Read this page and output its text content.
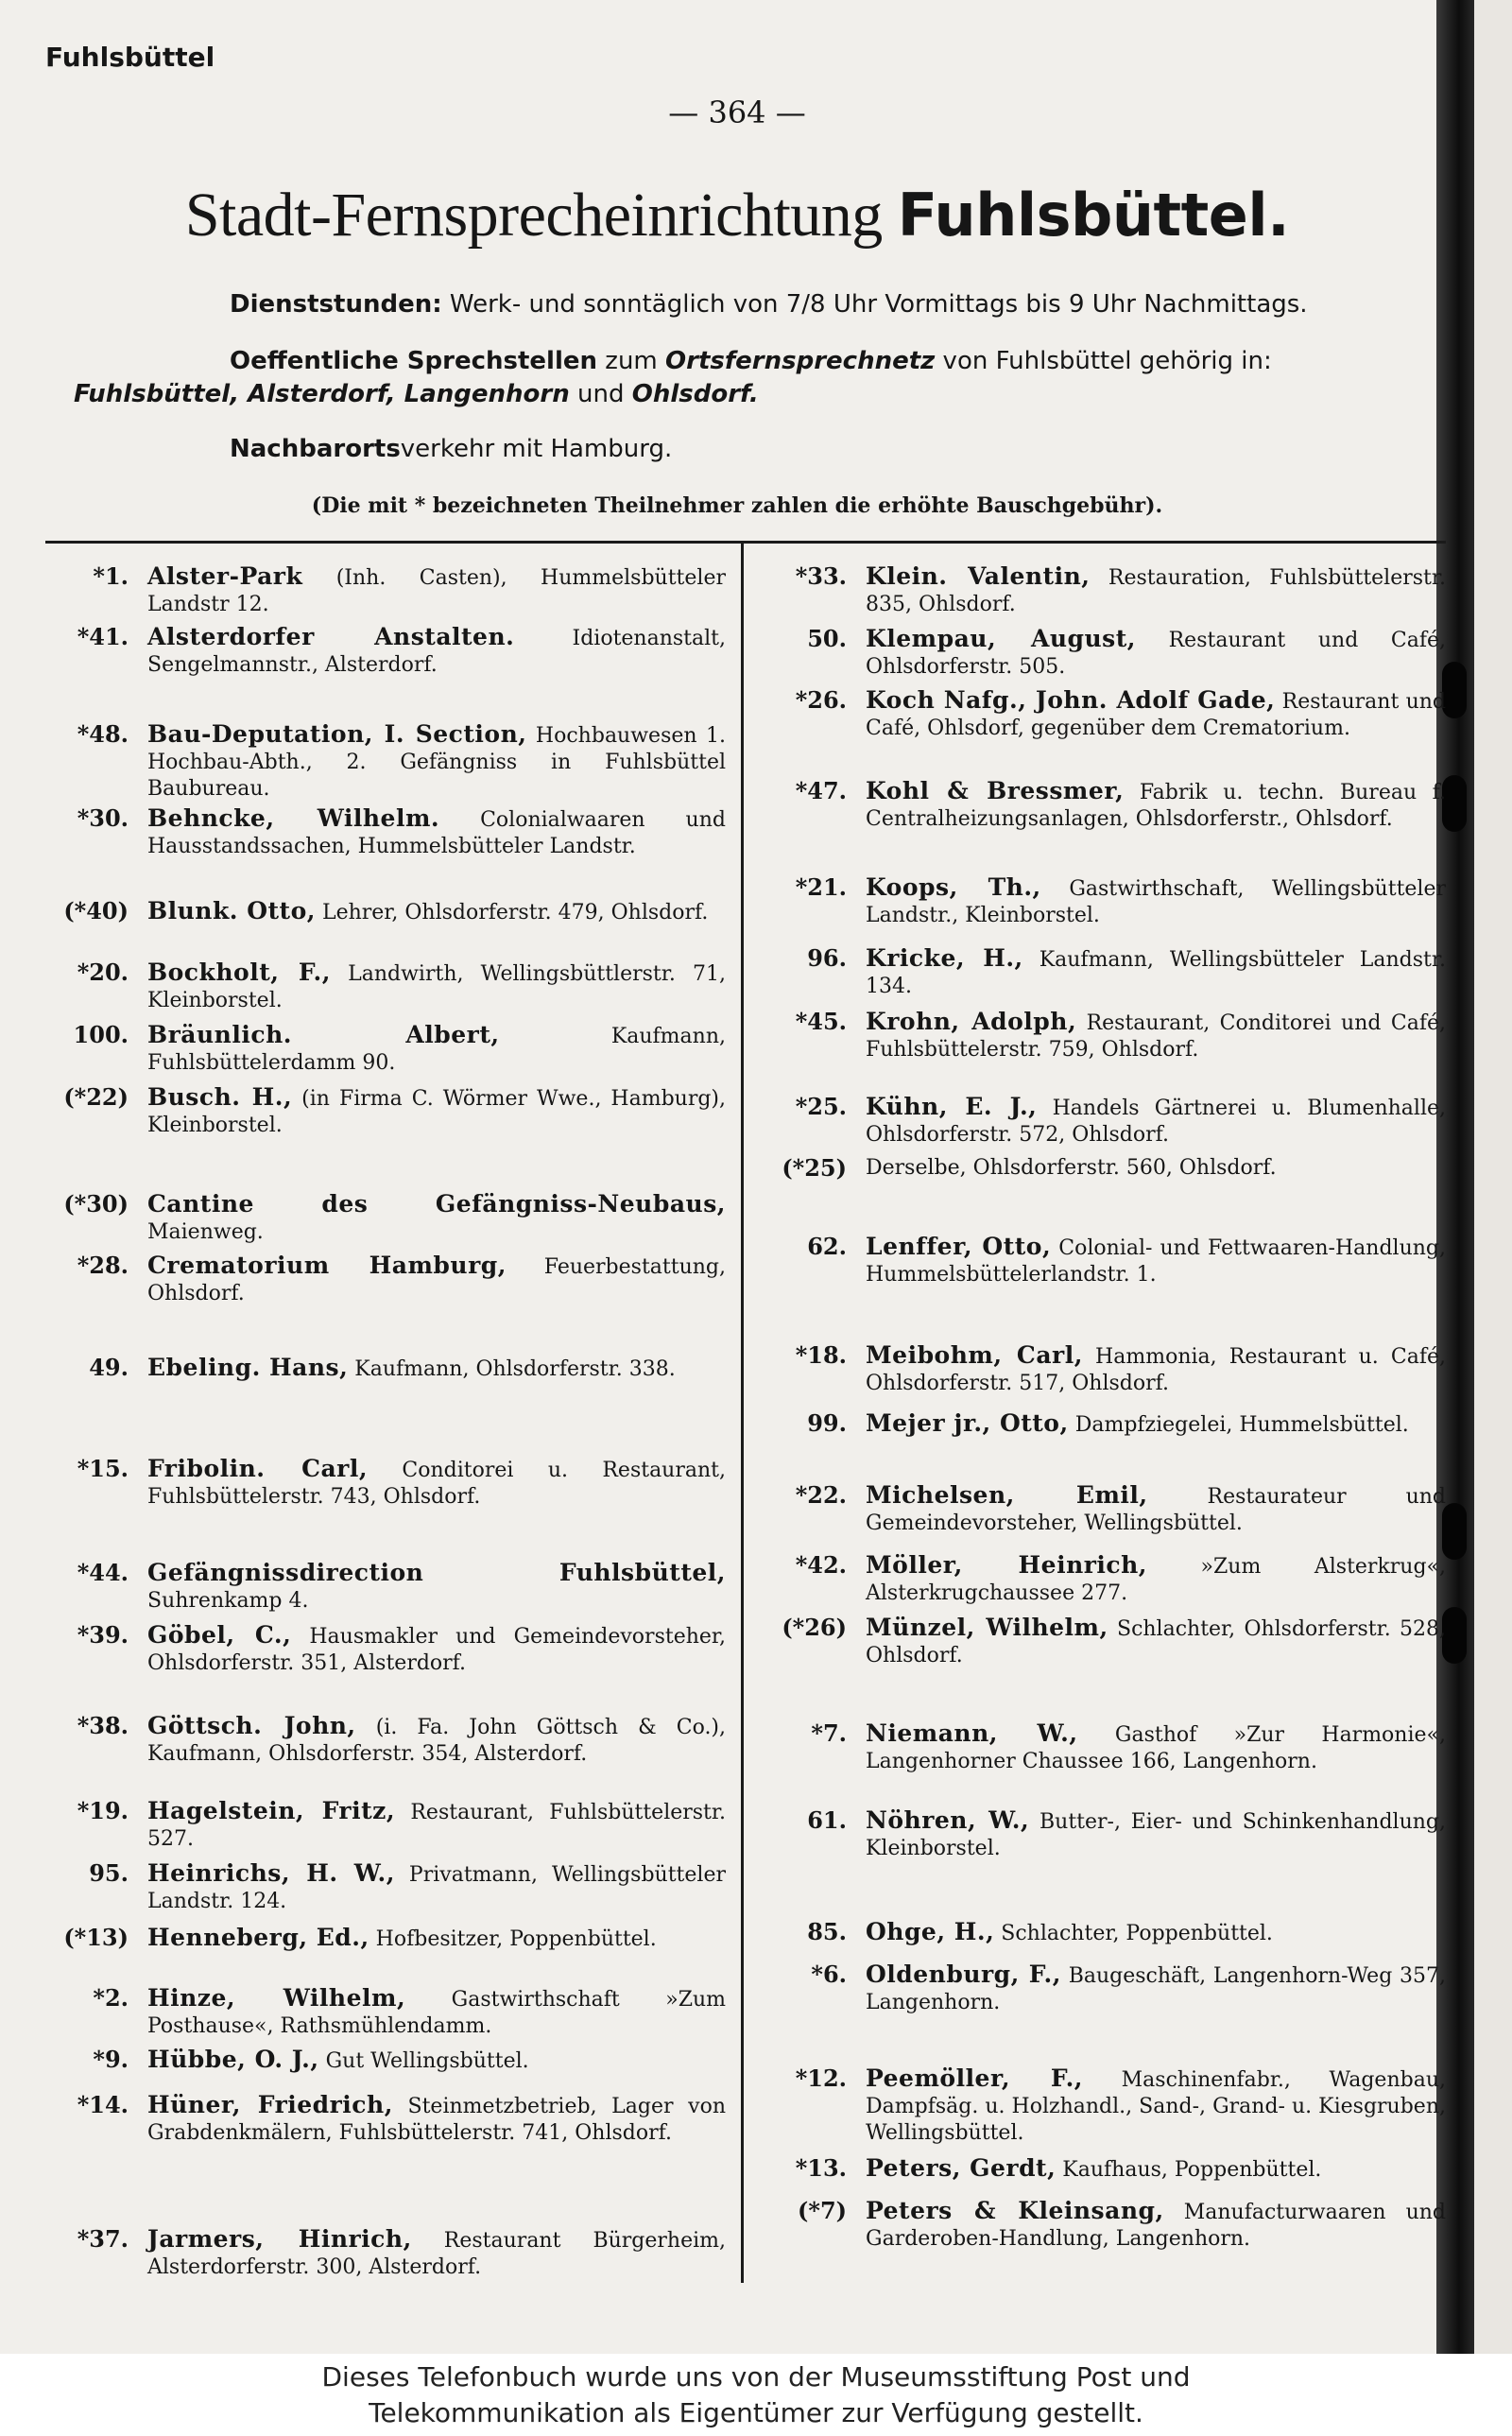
Fuhlsbüttel
— 364 —
Stadt-Fernsprecheinrichtung Fuhlsbüttel.
Dienststunden: Werk- und sonntäglich von 7/8 Uhr Vormittags bis 9 Uhr Nachmittags.
Oeffentliche Sprechstellen zum Ortsfernsprechnetz von Fuhlsbüttel gehörig in:
Fuhlsbüttel, Alsterdorf, Langenhorn und Ohlsdorf.
Nachbarortsverkehr mit Hamburg.
(Die mit * bezeichneten Theilnehmer zahlen die erhöhte Bauschgebühr).
*1. Alster-Park (Inh. Casten), Hummelsbütteler Landstr 12.
*41. Alsterdorfer Anstalten. Idiotenanstalt, Sengelmannstr., Alsterdorf.
*48. Bau-Deputation, I. Section, Hochbauwesen 1. Hochbau-Abth., 2. Gefängniss in Fuhlsbüttel Baubureau.
*30. Behncke, Wilhelm. Colonialwaaren und Hausstandssachen, Hummelsbütteler Landstr.
(*40) Blunk. Otto, Lehrer, Ohlsdorferstr. 479, Ohlsdorf.
*20. Bockholt, F., Landwirth, Wellingsbüttlerstr. 71, Kleinborstel.
100. Bräunlich. Albert, Kaufmann, Fuhlsbüttelerdamm 90.
(*22) Busch. H., (in Firma C. Wörmer Wwe., Hamburg), Kleinborstel.
(*30) Cantine des Gefängniss-Neubaus, Maienweg.
*28. Crematorium Hamburg, Feuerbestattung, Ohlsdorf.
49. Ebeling. Hans, Kaufmann, Ohlsdorferstr. 338.
*15. Fribolin. Carl, Conditorei u. Restaurant, Fuhlsbüttelerstr. 743, Ohlsdorf.
*44. Gefängnissdirection Fuhlsbüttel, Suhrenkamp 4.
*39. Göbel, C., Hausmakler und Gemeindevorsteher, Ohlsdorferstr. 351, Alsterdorf.
*38. Göttsch. John, (i. Fa. John Göttsch & Co.), Kaufmann, Ohlsdorferstr. 354, Alsterdorf.
*19. Hagelstein, Fritz, Restaurant, Fuhlsbüttelerstr. 527.
95. Heinrichs, H. W., Privatmann, Wellingsbütteler Landstr. 124.
(*13) Henneberg, Ed., Hofbesitzer, Poppenbüttel.
*2. Hinze, Wilhelm, Gastwirthschaft »Zum Posthause«, Rathsmühlendamm.
*9. Hübbe, O. J., Gut Wellingsbüttel.
*14. Hüner, Friedrich, Steinmetzbetrieb, Lager von Grabdenkmälern, Fuhlsbüttelerstr. 741, Ohlsdorf.
*37. Jarmers, Hinrich, Restaurant Bürgerheim, Alsterdorferstr. 300, Alsterdorf.
*33. Klein. Valentin, Restauration, Fuhlsbüttelerstr. 835, Ohlsdorf.
50. Klempau, August, Restaurant und Café, Ohlsdorferstr. 505.
*26. Koch Nafg., John. Adolf Gade, Restaurant und Café, Ohlsdorf, gegenüber dem Crematorium.
*47. Kohl & Bressmer, Fabrik u. techn. Bureau f. Centralheizungsanlagen, Ohlsdorferstr., Ohlsdorf.
*21. Koops, Th., Gastwirthschaft, Wellingsbütteler Landstr., Kleinborstel.
96. Kricke, H., Kaufmann, Wellingsbütteler Landstr. 134.
*45. Krohn, Adolph, Restaurant, Conditorei und Café, Fuhlsbüttelerstr. 759, Ohlsdorf.
*25. Kühn, E. J., Handels Gärtnerei u. Blumenhalle, Ohlsdorferstr. 572, Ohlsdorf.
(*25) Derselbe, Ohlsdorferstr. 560, Ohlsdorf.
62. Lenffer, Otto, Colonial- und Fettwaaren-Handlung, Hummelsbüttelerlandstr. 1.
*18. Meibohm, Carl, Hammonia, Restaurant u. Café, Ohlsdorferstr. 517, Ohlsdorf.
99. Mejer jr., Otto, Dampfziegelei, Hummelsbüttel.
*22. Michelsen, Emil, Restaurateur und Gemeindevorsteher, Wellingsbüttel.
*42. Möller, Heinrich, »Zum Alsterkrug«, Alsterkrugchaussee 277.
(*26) Münzel, Wilhelm, Schlachter, Ohlsdorferstr. 528, Ohlsdorf.
*7. Niemann, W., Gasthof »Zur Harmonie«, Langenhorner Chaussee 166, Langenhorn.
61. Nöhren, W., Butter-, Eier- und Schinkenhandlung, Kleinborstel.
85. Ohge, H., Schlachter, Poppenbüttel.
*6. Oldenburg, F., Baugeschäft, Langenhorn-Weg 357, Langenhorn.
*12. Peemöller, F., Maschinenfabr., Wagenbau, Dampfsäg. u. Holzhandl., Sand-, Grand- u. Kiesgruben, Wellingsbüttel.
*13. Peters, Gerdt, Kaufhaus, Poppenbüttel.
(*7) Peters & Kleinsang, Manufacturwaaren und Garderoben-Handlung, Langenhorn.
Dieses Telefonbuch wurde uns von der Museumsstiftung Post und
Telekommunikation als Eigentümer zur Verfügung gestellt.
